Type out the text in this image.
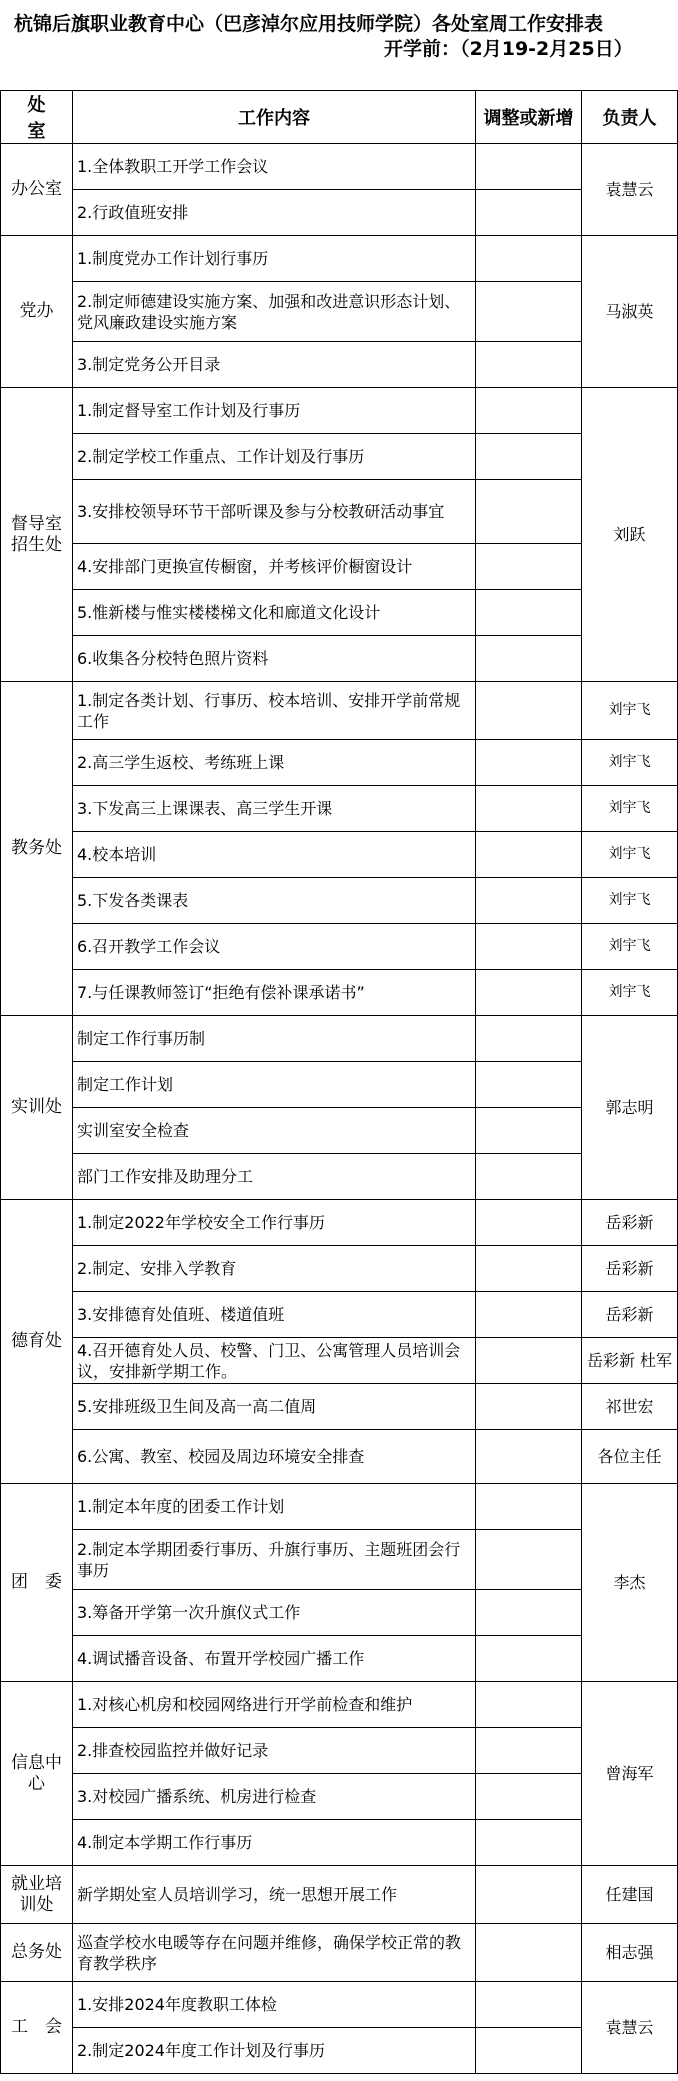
杭锦后旗职业教育中心（巴彦淖尔应用技师学院）各处室周工作安排表
开学前：（2月19-2月25日）
处　　室	工作内容	调整或新增	负责人
办公室	1.全体教职工开学工作会议		袁慧云
	2.行政值班安排		
党办	1.制度党办工作计划行事历		马淑英
	2.制定师德建设实施方案、加强和改进意识形态计划、党风廉政建设实施方案		
	3.制定党务公开目录		
督导室招生处	1.制定督导室工作计划及行事历		刘跃
	2.制定学校工作重点、工作计划及行事历		
	3.安排校领导环节干部听课及参与分校教研活动事宜		
	4.安排部门更换宣传橱窗，并考核评价橱窗设计		
	5.惟新楼与惟实楼楼梯文化和廊道文化设计		
	6.收集各分校特色照片资料		
教务处	1.制定各类计划、行事历、校本培训、安排开学前常规工作		刘宇飞
	2.高三学生返校、考练班上课		刘宇飞
	3.下发高三上课课表、高三学生开课		刘宇飞
	4.校本培训		刘宇飞
	5.下发各类课表		刘宇飞
	6.召开教学工作会议		刘宇飞
	7.与任课教师签订“拒绝有偿补课承诺书”		刘宇飞
实训处	制定工作行事历制		郭志明
	制定工作计划		
	实训室安全检查		
	部门工作安排及助理分工		
德育处	1.制定2022年学校安全工作行事历		岳彩新
	2.制定、安排入学教育		岳彩新
	3.安排德育处值班、楼道值班		岳彩新
	4.召开德育处人员、校警、门卫、公寓管理人员培训会议，安排新学期工作。		岳彩新 杜军
	5.安排班级卫生间及高一高二值周		祁世宏
	6.公寓、教室、校园及周边环境安全排查		各位主任
团　委	1.制定本年度的团委工作计划		李杰
	2.制定本学期团委行事历、升旗行事历、主题班团会行事历		
	3.筹备开学第一次升旗仪式工作		
	4.调试播音设备、布置开学校园广播工作		
信息中心	1.对核心机房和校园网络进行开学前检查和维护		曾海军
	2.排查校园监控并做好记录		
	3.对校园广播系统、机房进行检查		
	4.制定本学期工作行事历		
就业培训处	新学期处室人员培训学习，统一思想开展工作		任建国
总务处	巡查学校水电暖等存在问题并维修，确保学校正常的教育教学秩序		相志强
工　会	1.安排2024年度教职工体检		袁慧云
	2.制定2024年度工作计划及行事历		
